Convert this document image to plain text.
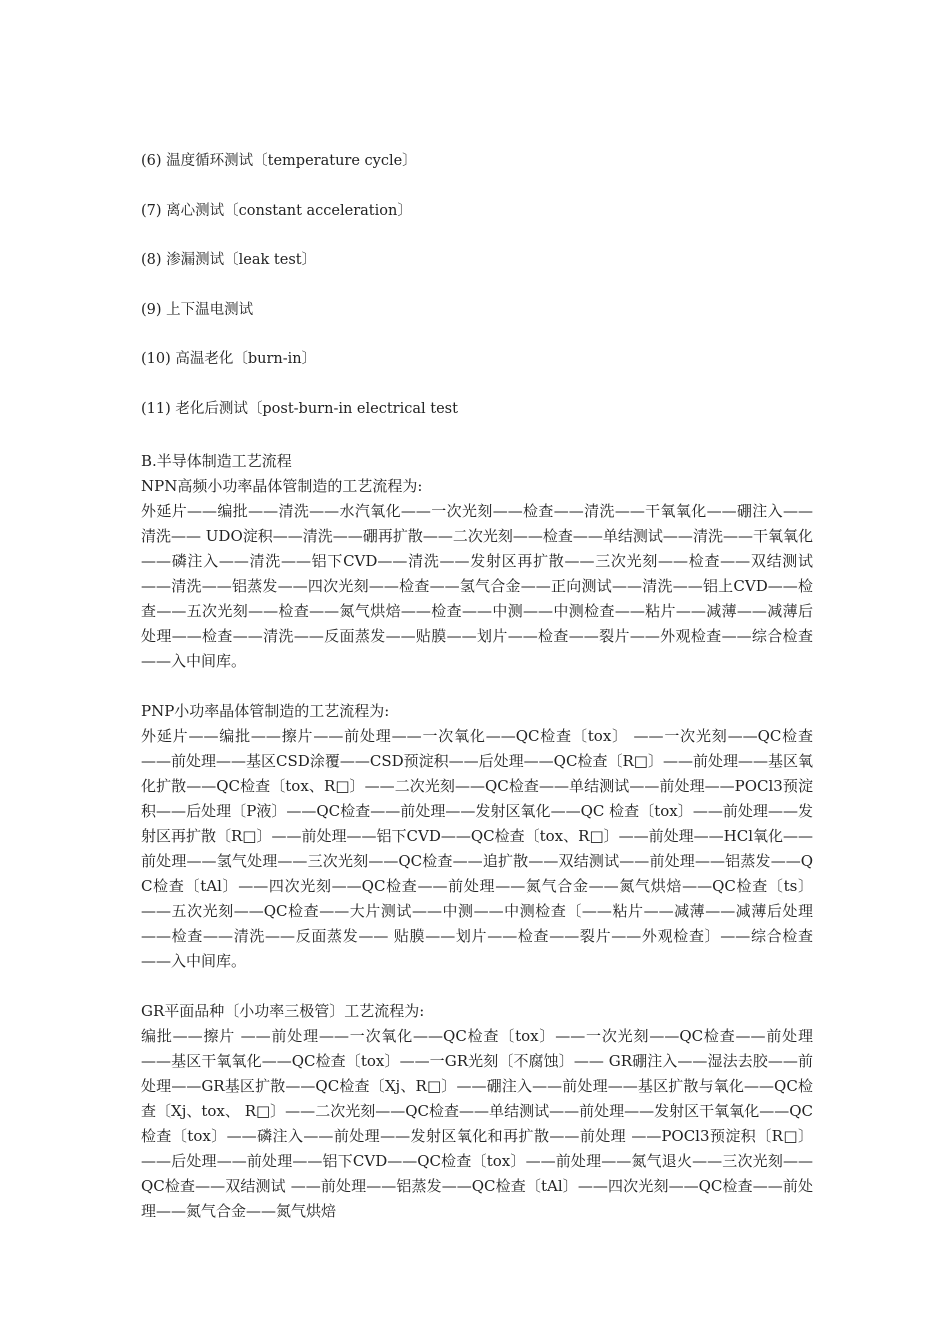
(6) 温度循环测试〔temperature cycle〕
(7) 离心测试〔constant acceleration〕
(8) 渗漏测试〔leak test〕
(9) 上下温电测试
(10) 高温老化〔burn-in〕
(11) 老化后测试〔post-burn-in electrical test
B.半导体制造工艺流程
NPN高频小功率晶体管制造的工艺流程为:
外延片——编批——清洗——水汽氧化——一次光刻——检查——清洗——干氧氧化——硼注入——清洗—— UDO淀积——清洗——硼再扩散——二次光刻——检查——单结测试——清洗——干氧氧化——磷注入——清洗——铝下CVD——清洗——发射区再扩散——三次光刻——检查——双结测试——清洗——铝蒸发——四次光刻——检查——氢气合金——正向测试——清洗——铝上CVD——检查——五次光刻——检查——氮气烘焙——检查——中测——中测检查——粘片——减薄——减薄后处理——检查——清洗——反面蒸发——贴膜——划片——检查——裂片——外观检查——综合检查——入中间库。
PNP小功率晶体管制造的工艺流程为:
外延片——编批——擦片——前处理——一次氧化——QC检查〔tox〕 ——一次光刻——QC检查——前处理——基区CSD涂覆——CSD预淀积——后处理——QC检查〔R□〕——前处理——基区氧化扩散——QC检查〔tox、R□〕——二次光刻——QC检查——单结测试——前处理——POCl3预淀积——后处理〔P液〕——QC检查——前处理——发射区氧化——QC 检查〔tox〕——前处理——发射区再扩散〔R□〕——前处理——铝下CVD——QC检查〔tox、R□〕——前处理——HCl氧化——前处理——氢气处理——三次光刻——QC检查——追扩散——双结测试——前处理——铝蒸发——QC检查〔tAl〕——四次光刻——QC检查——前处理——氮气合金——氮气烘焙——QC检查〔ts〕——五次光刻——QC检查——大片测试——中测——中测检查〔——粘片——减薄——减薄后处理——检查——清洗——反面蒸发—— 贴膜——划片——检查——裂片——外观检查〕——综合检查——入中间库。
GR平面品种〔小功率三极管〕工艺流程为:
编批——擦片 ——前处理——一次氧化——QC检查〔tox〕——一次光刻——QC检查——前处理——基区干氧氧化——QC检查〔tox〕——一GR光刻〔不腐蚀〕—— GR硼注入——湿法去胶——前处理——GR基区扩散——QC检查〔Xj、R□〕——硼注入——前处理——基区扩散与氧化——QC检查〔Xj、tox、 R□〕——二次光刻——QC检查——单结测试——前处理——发射区干氧氧化——QC检查〔tox〕——磷注入——前处理——发射区氧化和再扩散——前处理 ——POCl3预淀积〔R□〕——后处理——前处理——铝下CVD——QC检查〔tox〕——前处理——氮气退火——三次光刻——QC检查——双结测试 ——前处理——铝蒸发——QC检查〔tAl〕——四次光刻——QC检查——前处理——氮气合金——氮气烘焙
